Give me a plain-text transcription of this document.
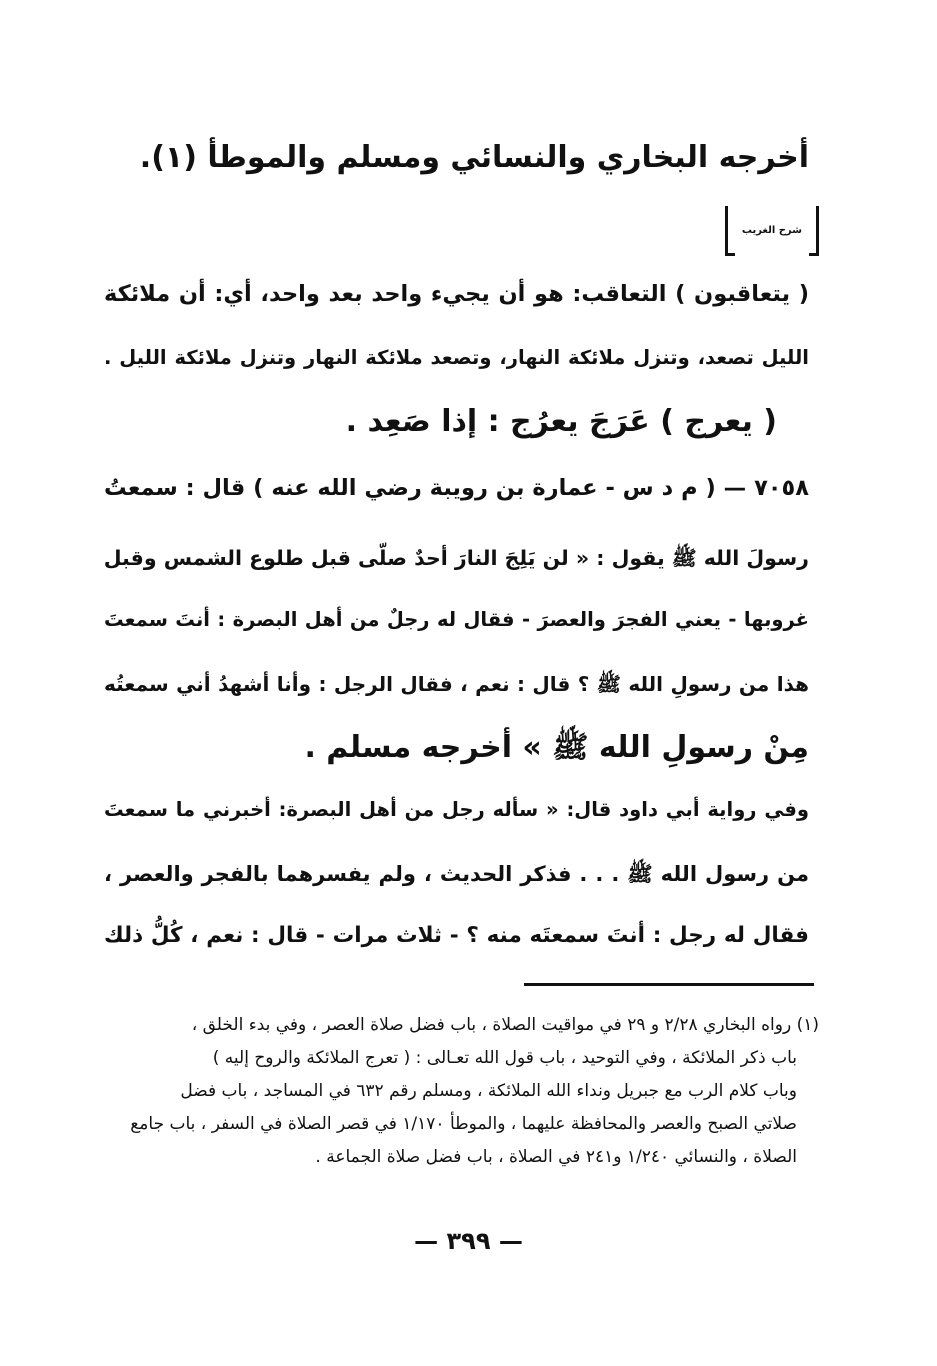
أخرجه البخاري والنسائي ومسلم والموطأ (١).
شرح الغريب
( يتعاقبون ) التعاقب: هو أن يجيء واحد بعد واحد، أي: أن ملائكة
الليل تصعد، وتنزل ملائكة النهار، وتصعد ملائكة النهار وتنزل ملائكة الليل .
( يعرج ) عَرَجَ يعرُج : إذا صَعِد .
٧٠٥٨ — ( م د س - عمارة بن رويبة رضي الله عنه ) قال : سمعتُ
رسولَ الله ﷺ يقول : « لن يَلِجَ النارَ أحدٌ صلّى قبل طلوع الشمس وقبل
غروبها - يعني الفجرَ والعصرَ - فقال له رجلٌ من أهل البصرة : أنتَ سمعتَ
هذا من رسولِ الله ﷺ ؟ قال : نعم ، فقال الرجل : وأنا أشهدُ أني سمعتُه
مِنْ رسولِ الله ﷺ » أخرجه مسلم .
وفي رواية أبي داود قال: « سأله رجل من أهل البصرة: أخبرني ما سمعتَ
من رسول الله ﷺ . . . فذكر الحديث ، ولم يفسرهما بالفجر والعصر ،
فقال له رجل : أنتَ سمعتَه منه ؟ - ثلاث مرات - قال : نعم ، كُلُّ ذلك
(١) رواه البخاري ٢/٢٨ و ٢٩ في مواقيت الصلاة ، باب فضل صلاة العصر ، وفي بدء الخلق ،
باب ذكر الملائكة ، وفي التوحيد ، باب قول الله تعـالى : ( تعرج الملائكة والروح إليه )
وباب كلام الرب مع جبريل ونداء الله الملائكة ، ومسلم رقم ٦٣٢ في المساجد ، باب فضل
صلاتي الصبح والعصر والمحافظة عليهما ، والموطأ ١/١٧٠ في قصر الصلاة في السفر ، باب جامع
الصلاة ، والنسائي ١/٢٤٠ و٢٤١ في الصلاة ، باب فضل صلاة الجماعة .
— ٣٩٩ —
